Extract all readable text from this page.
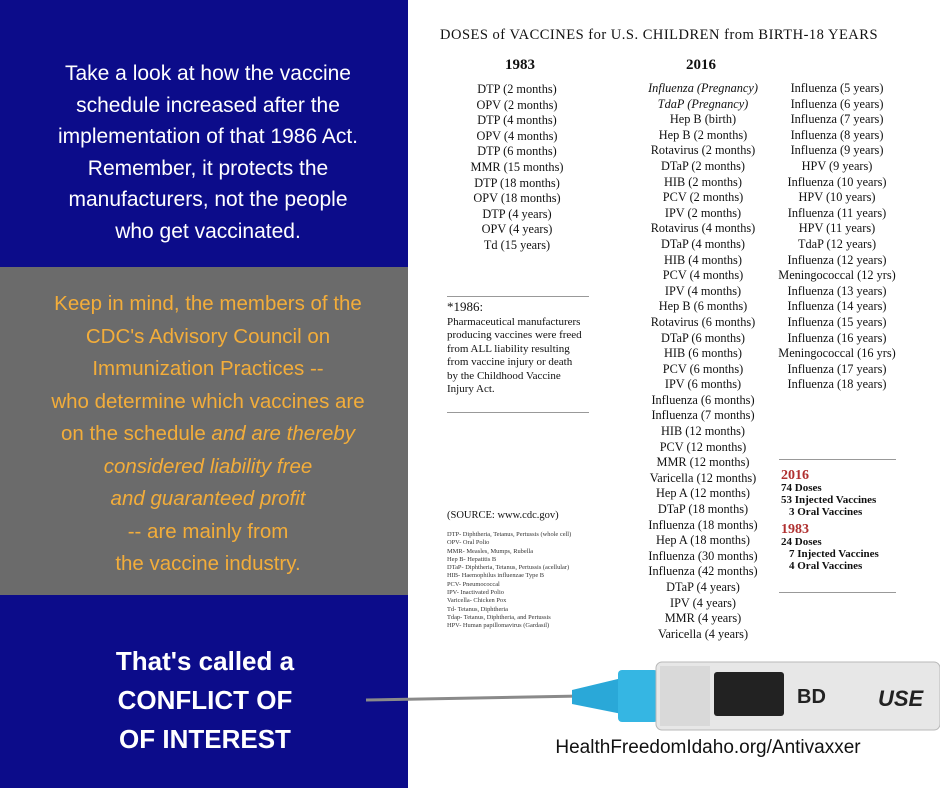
Take a look at how the vaccine
schedule increased after the
implementation of that 1986 Act.
Remember, it protects the
manufacturers, not the people
who get vaccinated.
Keep in mind, the members of the
CDC's Advisory Council on
Immunization Practices --
who determine which vaccines are
on the schedule and are thereby
considered liability free
and guaranteed profit
-- are mainly from
the vaccine industry.
That's called a
CONFLICT OF
OF INTEREST
DOSES of VACCINES for U.S. CHILDREN from BIRTH-18 YEARS
1983	2016
DTP (2 months)
OPV (2 months)
DTP (4 months)
OPV (4 months)
DTP (6 months)
MMR (15 months)
DTP (18 months)
OPV (18 months)
DTP (4 years)
OPV (4 years)
Td (15 years)
Influenza (Pregnancy)
TdaP (Pregnancy)
Hep B (birth)
Hep B (2 months)
Rotavirus (2 months)
DTaP (2 months)
HIB (2 months)
PCV (2 months)
IPV (2 months)
Rotavirus (4 months)
DTaP (4 months)
HIB (4 months)
PCV (4 months)
IPV (4 months)
Hep B (6 months)
Rotavirus (6 months)
DTaP (6 months)
HIB (6 months)
PCV (6 months)
IPV (6 months)
Influenza (6 months)
Influenza (7 months)
HIB (12 months)
PCV (12 months)
MMR (12 months)
Varicella (12 months)
Hep A (12 months)
DTaP (18 months)
Influenza (18 months)
Hep A (18 months)
Influenza (30 months)
Influenza (42 months)
DTaP (4 years)
IPV (4 years)
MMR (4 years)
Varicella (4 years)
Influenza (5 years)
Influenza (6 years)
Influenza (7 years)
Influenza (8 years)
Influenza (9 years)
HPV (9 years)
Influenza (10 years)
HPV (10 years)
Influenza (11 years)
HPV (11 years)
TdaP (12 years)
Influenza (12 years)
Meningococcal (12 yrs)
Influenza (13 years)
Influenza (14 years)
Influenza (15 years)
Influenza (16 years)
Meningococcal (16 yrs)
Influenza (17 years)
Influenza (18 years)
*1986:
Pharmaceutical manufacturers
producing vaccines were freed
from ALL liability resulting
from vaccine injury or death
by the Childhood Vaccine
Injury Act.
(SOURCE: www.cdc.gov)
DTP- Diphtheria, Tetanus, Pertussis (whole cell)
OPV- Oral Polio
MMR- Measles, Mumps, Rubella
Hep B- Hepatitis B
DTaP- Diphtheria, Tetanus, Pertussis (acellular)
HIB- Haemophilus influenzae Type B
PCV- Pneumococcal
IPV- Inactivated Polio
Varicella- Chicken Pox
Td- Tetanus, Diphtheria
Tdap- Tetanus, Diphtheria, and Pertussis
HPV- Human papillomavirus (Gardasil)
2016
74 Doses
53 Injected Vaccines
3 Oral Vaccines
1983
24 Doses
7 Injected Vaccines
4 Oral Vaccines
BD USE
HealthFreedomIdaho.org/Antivaxxer
